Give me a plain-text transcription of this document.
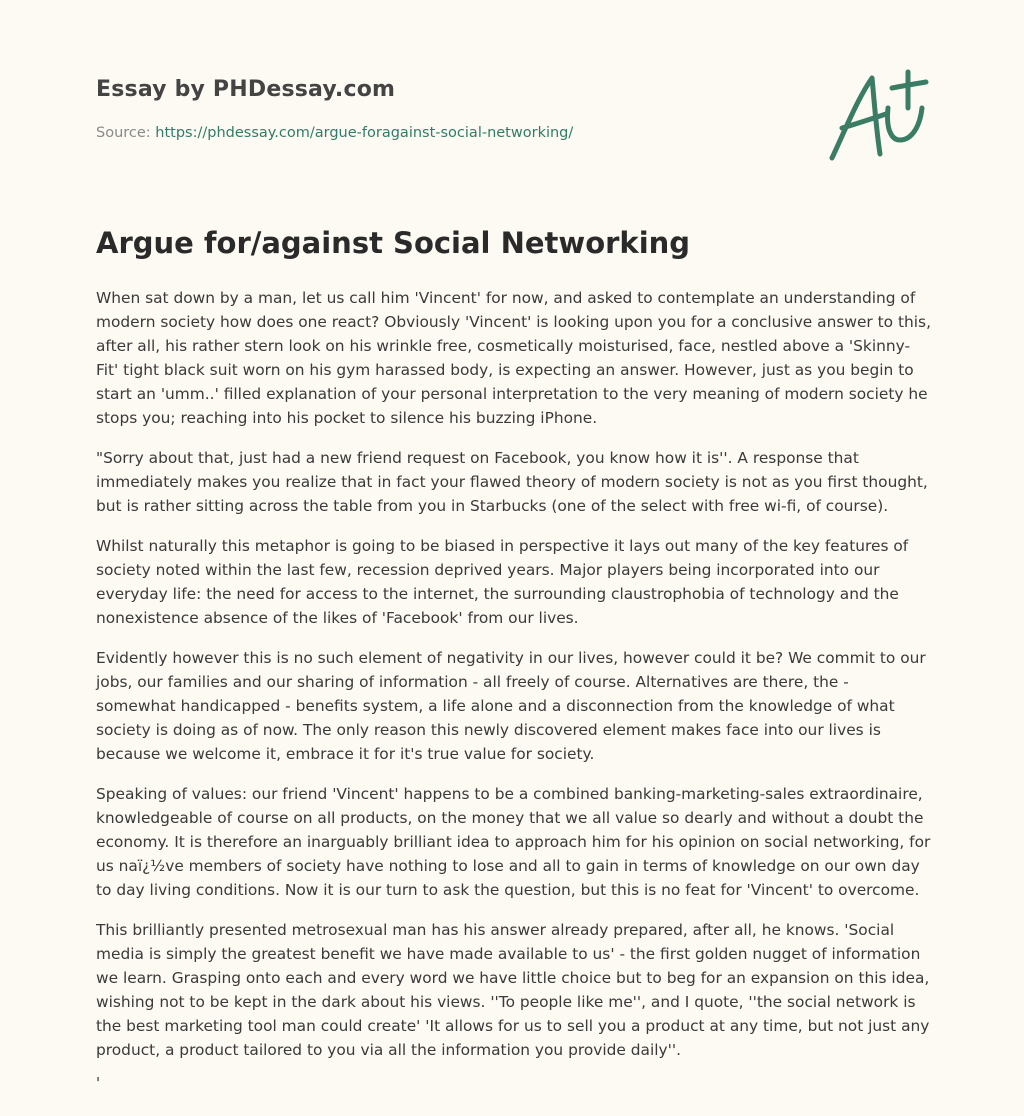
Essay by PHDessay.com
Source: https://phdessay.com/argue-foragainst-social-networking/
Argue for/against Social Networking

When sat down by a man, let us call him 'Vincent' for now, and asked to contemplate an understanding of modern society how does one react? Obviously 'Vincent' is looking upon you for a conclusive answer to this, after all, his rather stern look on his wrinkle free, cosmetically moisturised, face, nestled above a 'Skinny-Fit' tight black suit worn on his gym harassed body, is expecting an answer. However, just as you begin to start an 'umm..' filled explanation of your personal interpretation to the very meaning of modern society he stops you; reaching into his pocket to silence his buzzing iPhone.

"Sorry about that, just had a new friend request on Facebook, you know how it is''. A response that immediately makes you realize that in fact your flawed theory of modern society is not as you first thought, but is rather sitting across the table from you in Starbucks (one of the select with free wi-fi, of course).

Whilst naturally this metaphor is going to be biased in perspective it lays out many of the key features of society noted within the last few, recession deprived years. Major players being incorporated into our everyday life: the need for access to the internet, the surrounding claustrophobia of technology and the nonexistence absence of the likes of 'Facebook' from our lives.

Evidently however this is no such element of negativity in our lives, however could it be? We commit to our jobs, our families and our sharing of information - all freely of course. Alternatives are there, the - somewhat handicapped - benefits system, a life alone and a disconnection from the knowledge of what society is doing as of now. The only reason this newly discovered element makes face into our lives is because we welcome it, embrace it for it's true value for society.

Speaking of values: our friend 'Vincent' happens to be a combined banking-marketing-sales extraordinaire, knowledgeable of course on all products, on the money that we all value so dearly and without a doubt the economy. It is therefore an inarguably brilliant idea to approach him for his opinion on social networking, for us naï¿½ve members of society have nothing to lose and all to gain in terms of knowledge on our own day to day living conditions. Now it is our turn to ask the question, but this is no feat for 'Vincent' to overcome.

This brilliantly presented metrosexual man has his answer already prepared, after all, he knows. 'Social media is simply the greatest benefit we have made available to us' - the first golden nugget of information we learn. Grasping onto each and every word we have little choice but to beg for an expansion on this idea, wishing not to be kept in the dark about his views. ''To people like me'', and I quote, ''the social network is the best marketing tool man could create' 'It allows for us to sell you a product at any time, but not just any product, a product tailored to you via all the information you provide daily''.

'
